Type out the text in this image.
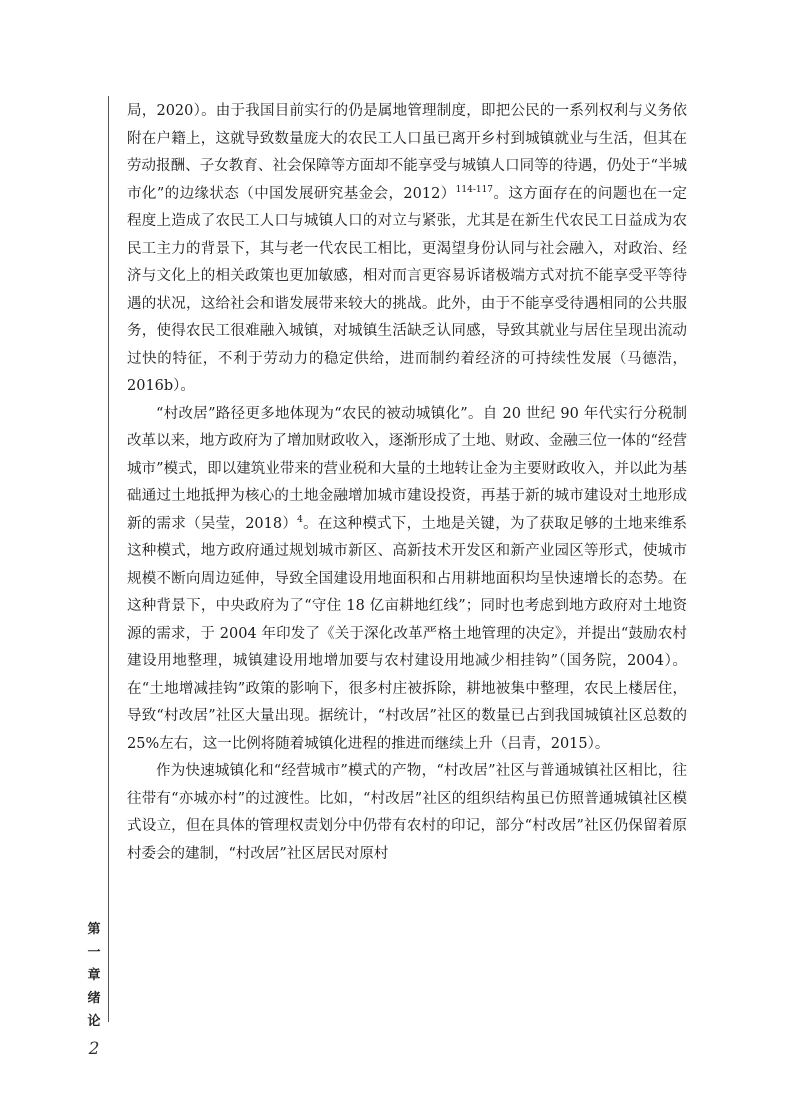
第
一
章
绪
论
2

局，2020）。由于我国目前实行的仍是属地管理制度，即把公民的一系列权利与义务依附在户籍上，这就导致数量庞大的农民工人口虽已离开乡村到城镇就业与生活，但其在劳动报酬、子女教育、社会保障等方面却不能享受与城镇人口同等的待遇，仍处于“半城市化”的边缘状态（中国发展研究基金会，2012）$^{114-117}$。这方面存在的问题也在一定程度上造成了农民工人口与城镇人口的对立与紧张，尤其是在新生代农民工日益成为农民工主力的背景下，其与老一代农民工相比，更渴望身份认同与社会融入，对政治、经济与文化上的相关政策也更加敏感，相对而言更容易诉诸极端方式对抗不能享受平等待遇的状况，这给社会和谐发展带来较大的挑战。此外，由于不能享受待遇相同的公共服务，使得农民工很难融入城镇，对城镇生活缺乏认同感，导致其就业与居住呈现出流动过快的特征，不利于劳动力的稳定供给，进而制约着经济的可持续性发展（马德浩，2016b）。

“村改居”路径更多地体现为“农民的被动城镇化”。自 20 世纪 90 年代实行分税制改革以来，地方政府为了增加财政收入，逐渐形成了土地、财政、金融三位一体的“经营城市”模式，即以建筑业带来的营业税和大量的土地转让金为主要财政收入，并以此为基础通过土地抵押为核心的土地金融增加城市建设投资，再基于新的城市建设对土地形成新的需求（吴莹，2018）$^4$。在这种模式下，土地是关键，为了获取足够的土地来维系这种模式，地方政府通过规划城市新区、高新技术开发区和新产业园区等形式，使城市规模不断向周边延伸，导致全国建设用地面积和占用耕地面积均呈快速增长的态势。在这种背景下，中央政府为了“守住 18 亿亩耕地红线”；同时也考虑到地方政府对土地资源的需求，于 2004 年印发了《关于深化改革严格土地管理的决定》，并提出“鼓励农村建设用地整理，城镇建设用地增加要与农村建设用地减少相挂钩”（国务院，2004）。在“土地增减挂钩”政策的影响下，很多村庄被拆除，耕地被集中整理，农民上楼居住，导致“村改居”社区大量出现。据统计，“村改居”社区的数量已占到我国城镇社区总数的 25%左右，这一比例将随着城镇化进程的推进而继续上升（吕青，2015）。

作为快速城镇化和“经营城市”模式的产物，“村改居”社区与普通城镇社区相比，往往带有“亦城亦村”的过渡性。比如，“村改居”社区的组织结构虽已仿照普通城镇社区模式设立，但在具体的管理权责划分中仍带有农村的印记，部分“村改居”社区仍保留着原村委会的建制，“村改居”社区居民对原村
